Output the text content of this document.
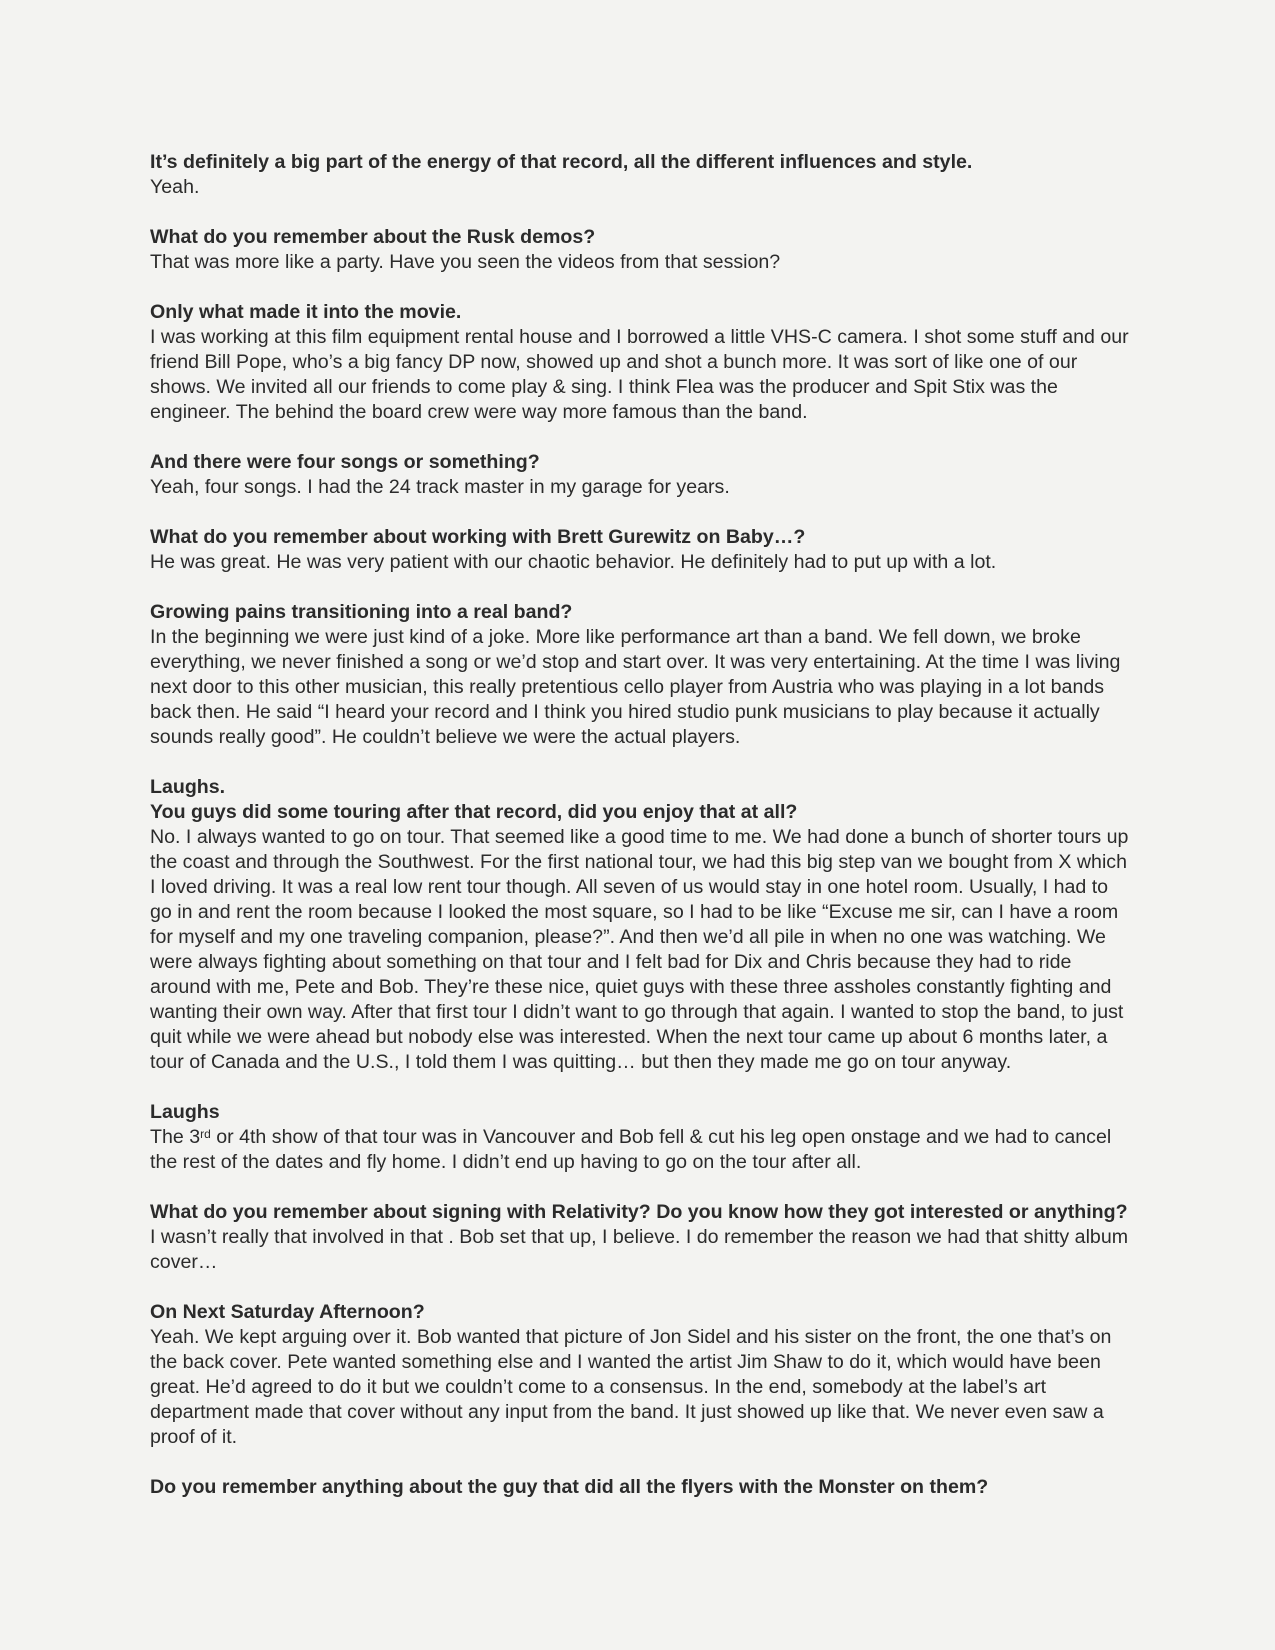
It’s definitely a big part of the energy of that record, all the different influences and style.
Yeah.
What do you remember about the Rusk demos?
That was more like a party. Have you seen the videos from that session?
Only what made it into the movie.
I was working at this film equipment rental house and I borrowed a little VHS-C camera. I shot some stuff and our friend Bill Pope, who’s a big fancy DP now, showed up and shot a bunch more. It was sort of like one of our shows. We invited all our friends to come play & sing. I think Flea was the producer and Spit Stix was the engineer. The behind the board crew were way more famous than the band.
And there were four songs or something?
Yeah, four songs. I had the 24 track master in my garage for years.
What do you remember about working with Brett Gurewitz on Baby…?
He was great. He was very patient with our chaotic behavior. He definitely had to put up with a lot.
Growing pains transitioning into a real band?
In the beginning we were just kind of a joke. More like performance art than a band. We fell down, we broke everything, we never finished a song or we’d stop and start over. It was very entertaining. At the time I was living next door to this other musician, this really pretentious cello player from Austria who was playing in a lot bands back then. He said “I heard your record and I think you hired studio punk musicians to play because it actually sounds really good”. He couldn’t believe we were the actual players.
Laughs.
You guys did some touring after that record, did you enjoy that at all?
No. I always wanted to go on tour. That seemed like a good time to me. We had done a bunch of shorter tours up the coast and through the Southwest. For the first national tour, we had this big step van we bought from X which I loved driving. It was a real low rent tour though. All seven of us would stay in one hotel room. Usually, I had to go in and rent the room because I looked the most square, so I had to be like “Excuse me sir, can I have a room for myself and my one traveling companion, please?”. And then we’d all pile in when no one was watching. We were always fighting about something on that tour and I felt bad for Dix and Chris because they had to ride around with me, Pete and Bob. They’re these nice, quiet guys with these three assholes constantly fighting and wanting their own way. After that first tour I didn’t want to go through that again. I wanted to stop the band, to just quit while we were ahead but nobody else was interested. When the next tour came up about 6 months later, a tour of Canada and the U.S., I told them I was quitting… but then they made me go on tour anyway.
Laughs
The 3rd or 4th show of that tour was in Vancouver and Bob fell & cut his leg open onstage and we had to cancel the rest of the dates and fly home. I didn’t end up having to go on the tour after all.
What do you remember about signing with Relativity? Do you know how they got interested or anything?
I wasn’t really that involved in that . Bob set that up, I believe. I do remember the reason we had that shitty album cover…
On Next Saturday Afternoon?
Yeah. We kept arguing over it. Bob wanted that picture of Jon Sidel and his sister on the front, the one that’s on the back cover. Pete wanted something else and I wanted the artist Jim Shaw to do it, which would have been great. He’d agreed to do it but we couldn’t come to a consensus. In the end, somebody at the label’s art department made that cover without any input from the band. It just showed up like that. We never even saw a proof of it.
Do you remember anything about the guy that did all the flyers with the Monster on them?
